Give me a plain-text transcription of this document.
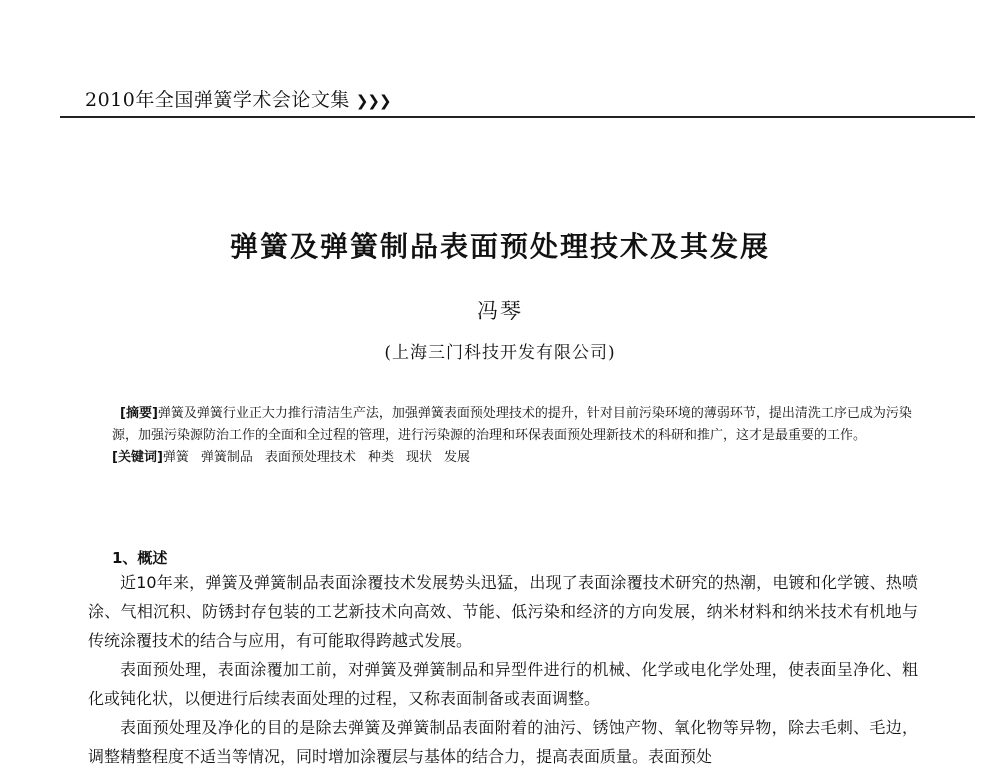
2010年全国弹簧学术会论文集 ❯❯❯
弹簧及弹簧制品表面预处理技术及其发展
冯琴
(上海三门科技开发有限公司)

[摘要]弹簧及弹簧行业正大力推行清洁生产法，加强弹簧表面预处理技术的提升，针对目前污染环境的薄弱环节，提出清洗工序已成为污染源，加强污染源防治工作的全面和全过程的管理，进行污染源的治理和环保表面预处理新技术的科研和推广，这才是最重要的工作。

[关键词]弹簧 弹簧制品 表面预处理技术 种类 现状 发展

1、概述

近10年来，弹簧及弹簧制品表面涂覆技术发展势头迅猛，出现了表面涂覆技术研究的热潮，电镀和化学镀、热喷涂、气相沉积、防锈封存包装的工艺新技术向高效、节能、低污染和经济的方向发展，纳米材料和纳米技术有机地与传统涂覆技术的结合与应用，有可能取得跨越式发展。

表面预处理，表面涂覆加工前，对弹簧及弹簧制品和异型件进行的机械、化学或电化学处理，使表面呈净化、粗化或钝化状，以便进行后续表面处理的过程，又称表面制备或表面调整。

表面预处理及净化的目的是除去弹簧及弹簧制品表面附着的油污、锈蚀产物、氧化物等异物，除去毛刺、毛边，调整精整程度不适当等情况，同时增加涂覆层与基体的结合力，提高表面质量。表面预处
